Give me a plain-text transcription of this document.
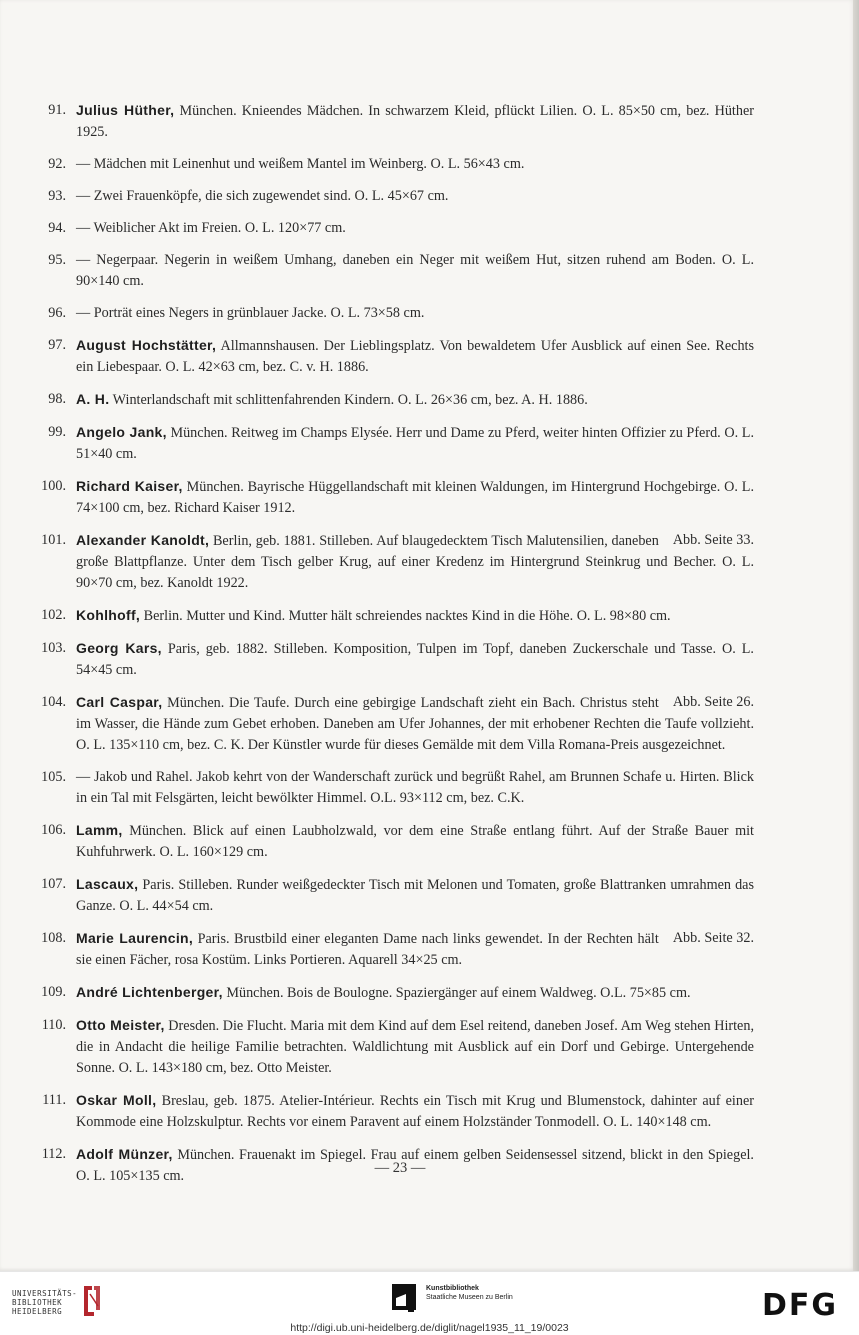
91. Julius Hüther, München. Knieendes Mädchen. In schwarzem Kleid, pflückt Lilien. O. L. 85×50 cm, bez. Hüther 1925.
92. — Mädchen mit Leinenhut und weißem Mantel im Weinberg. O. L. 56×43 cm.
93. — Zwei Frauenköpfe, die sich zugewendet sind. O. L. 45×67 cm.
94. — Weiblicher Akt im Freien. O. L. 120×77 cm.
95. — Negerpaar. Negerin in weißem Umhang, daneben ein Neger mit weißem Hut, sitzen ruhend am Boden. O. L. 90×140 cm.
96. — Porträt eines Negers in grünblauer Jacke. O. L. 73×58 cm.
97. August Hochstätter, Allmannshausen. Der Lieblingsplatz. Von bewaldetem Ufer Ausblick auf einen See. Rechts ein Liebespaar. O. L. 42×63 cm, bez. C. v. H. 1886.
98. A. H. Winterlandschaft mit schlittenfahrenden Kindern. O. L. 26×36 cm, bez. A. H. 1886.
99. Angelo Jank, München. Reitweg im Champs Elysée. Herr und Dame zu Pferd, weiter hinten Offizier zu Pferd. O. L. 51×40 cm.
100. Richard Kaiser, München. Bayrische Hüggellandschaft mit kleinen Waldungen, im Hintergrund Hochgebirge. O. L. 74×100 cm, bez. Richard Kaiser 1912.
101.	Abb. Seite 33.
Alexander Kanoldt, Berlin, geb. 1881. Stilleben. Auf blaugedecktem Tisch Malutensilien, daneben große Blattpflanze. Unter dem Tisch gelber Krug, auf einer Kredenz im Hintergrund Steinkrug und Becher. O. L. 90×70 cm, bez. Kanoldt 1922.
102. Kohlhoff, Berlin. Mutter und Kind. Mutter hält schreiendes nacktes Kind in die Höhe. O. L. 98×80 cm.
103. Georg Kars, Paris, geb. 1882. Stilleben. Komposition, Tulpen im Topf, daneben Zuckerschale und Tasse. O. L. 54×45 cm.
104.	Abb. Seite 26.
Carl Caspar, München. Die Taufe. Durch eine gebirgige Landschaft zieht ein Bach. Christus steht im Wasser, die Hände zum Gebet erhoben. Daneben am Ufer Johannes, der mit erhobener Rechten die Taufe vollzieht. O. L. 135×110 cm, bez. C. K. Der Künstler wurde für dieses Gemälde mit dem Villa Romana-Preis ausgezeichnet.
105. — Jakob und Rahel. Jakob kehrt von der Wanderschaft zurück und begrüßt Rahel, am Brunnen Schafe u. Hirten. Blick in ein Tal mit Felsgärten, leicht bewölkter Himmel. O.L. 93×112 cm, bez. C.K.
106. Lamm, München. Blick auf einen Laubholzwald, vor dem eine Straße entlang führt. Auf der Straße Bauer mit Kuhfuhrwerk. O. L. 160×129 cm.
107. Lascaux, Paris. Stilleben. Runder weißgedeckter Tisch mit Melonen und Tomaten, große Blattranken umrahmen das Ganze. O. L. 44×54 cm.
108.	Abb. Seite 32.
Marie Laurencin, Paris. Brustbild einer eleganten Dame nach links gewendet. In der Rechten hält sie einen Fächer, rosa Kostüm. Links Portieren. Aquarell 34×25 cm.
109. André Lichtenberger, München. Bois de Boulogne. Spaziergänger auf einem Waldweg. O.L. 75×85 cm.
110. Otto Meister, Dresden. Die Flucht. Maria mit dem Kind auf dem Esel reitend, daneben Josef. Am Weg stehen Hirten, die in Andacht die heilige Familie betrachten. Waldlichtung mit Ausblick auf ein Dorf und Gebirge. Untergehende Sonne. O. L. 143×180 cm, bez. Otto Meister.
111. Oskar Moll, Breslau, geb. 1875. Atelier-Intérieur. Rechts ein Tisch mit Krug und Blumenstock, dahinter auf einer Kommode eine Holzskulptur. Rechts vor einem Paravent auf einem Holzständer Tonmodell. O. L. 140×148 cm.
112. Adolf Münzer, München. Frauenakt im Spiegel. Frau auf einem gelben Seidensessel sitzend, blickt in den Spiegel. O. L. 105×135 cm.	— 23 —
UNIVERSITÄTS-
BIBLIOTHEK
HEIDELBERG
Kunstbibliothek
Staatliche Museen zu Berlin	DFG
http://digi.ub.uni-heidelberg.de/diglit/nagel1935_11_19/0023
